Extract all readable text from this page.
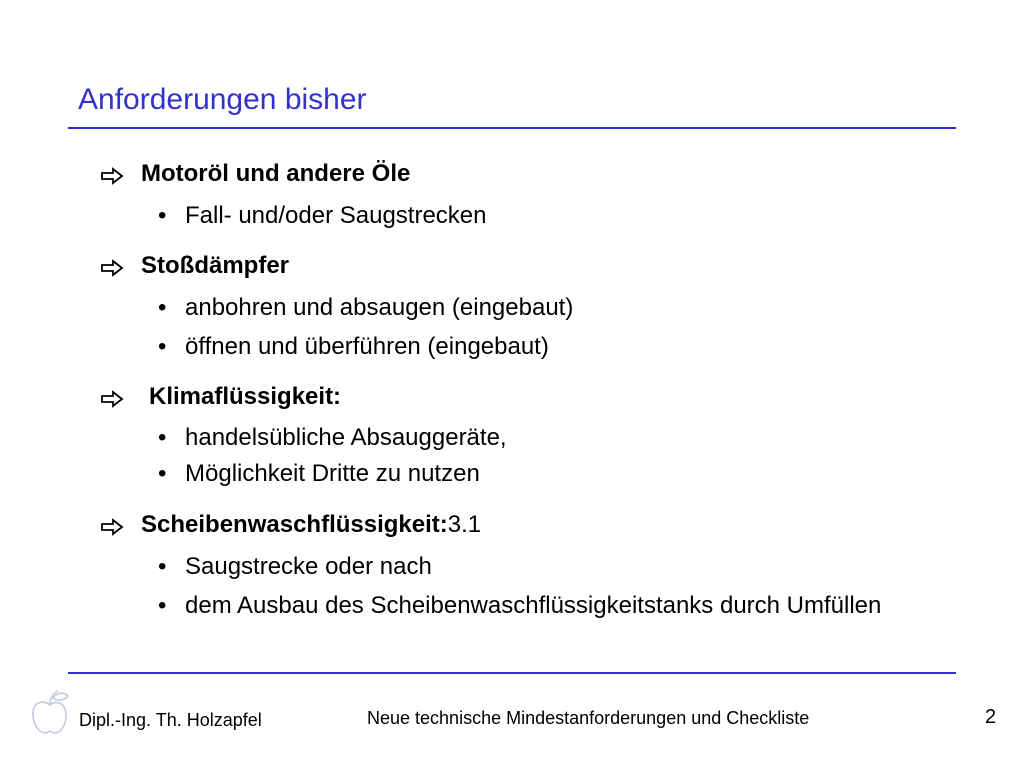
Anforderungen bisher
Motoröl und andere Öle
• Fall- und/oder Saugstrecken
Stoßdämpfer
• anbohren und absaugen (eingebaut)
• öffnen und überführen (eingebaut)
Klimaflüssigkeit:
• handelsübliche Absauggeräte,
• Möglichkeit Dritte zu nutzen
Scheibenwaschflüssigkeit:3.1
• Saugstrecke oder nach
• dem Ausbau des Scheibenwaschflüssigkeitstanks durch Umfüllen
Dipl.-Ing. Th. Holzapfel	Neue technische Mindestanforderungen und Checkliste	2
